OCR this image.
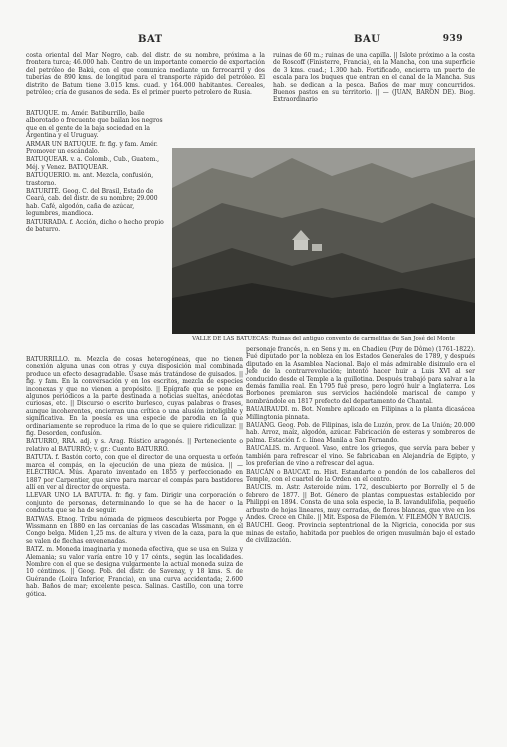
BAT	BAU	939

costa oriental del Mar Negro, cab. del distr. de su nombre, próxima a la frontera turca; 46.000 hab. Centro de un importante comercio de exportación del petróleo de Bakú, con el que comunica mediante un ferrocarril y dos tuberías de 890 kms. de longitud para el transporte rápido del petróleo. El distrito de Batum tiene 3.015 kms. cuad. y 164.000 habitantes. Cereales, petróleo; cría de gusanos de seda. Es el primer puerto petrolero de Rusia.

ruinas de 60 m.; ruinas de una capilla. || Islote próximo a la costa de Roscoff (Finisterre, Francia), en la Mancha, con una superficie de 3 kms. cuad.; 1.300 hab. Fortificado, encierra un puerto de escala para los buques que entran en el canal de la Mancha. Sus hab. se dedican a la pesca. Baños de mar muy concurridos. Buenos pastos en su territorio. || — (JUAN, BARÓN DE). Biog. Extraordinario

BATUQUE. m. Amér. Batiburrillo, baile alborotado o frecuente que bailan los negros que en el gente de la baja sociedad en la Argentina y el Uruguay.

ARMAR UN BATUQUE. fr. fig. y fam. Amér. Promover un escándalo.

BATUQUEAR. v. a. Colomb., Cub., Guatem., Méj. y Venez. BATIQUEAR.

BATUQUERIO. m. ant. Mezcla, confusión, trastorno.

BATURITÉ. Geog. C. del Brasil, Estado de Ceará, cab. del distr. de su nombre; 29.000 hab. Café, algodón, caña de azúcar, legumbres, mandioca.

BATURRADA. f. Acción, dicho o hecho propio de baturro.

VALLE DE LAS BATUECAS: Ruinas del antiguo convento de carmelitas de San José del Monte

BATURRILLO. m. Mezcla de cosas heterogéneas, que no tienen conexión alguna unas con otras y cuya disposición mal combinada produce un efecto desagradable. Úsase más tratándose de guisados. || fig. y fam. En la conversación y en los escritos, mezcla de especies inconexas y que no vienen a propósito. || Epígrafe que se pone en algunos periódicos a la parte destinada a noticias sueltas, anécdotas curiosas, etc. || Discurso o escrito burlesco, cuyas palabras o frases, aunque incoherentes, encierran una crítica o una alusión inteligible y significativa. En la poesía es una especie de parodia en la que ordinariamente se reproduce la rima de lo que se quiere ridiculizar. || fig. Desorden, confusión.

BATURRO, RRA. adj. y s. Arag. Rústico aragonés. || Perteneciente o relativo al BATURRO; v. gr.: Cuento BATURRO.

BATUTA. f. Bastón corto, con que el director de una orquesta u orfeón marca el compás, en la ejecución de una pieza de música. || — ELÉCTRICA. Mús. Aparato inventado en 1855 y perfeccionado en 1887 por Carpentier, que sirve para marcar el compás para bastidores allí en ver al director de orquesta.

LLEVAR UNO LA BATUTA. fr. fig. y fam. Dirigir una corporación o conjunto de personas, determinando lo que se ha de hacer o la conducta que se ha de seguir.

BATWAS. Etnog. Tribu nómada de pigmeos descubierta por Pogge y Wissmann en 1880 en las cercanías de las cascadas Wissmann, en el Congo belga. Miden 1,25 ms. de altura y viven de la caza, para la que se valen de flechas envenenadas.

BATZ. m. Moneda imaginaria y moneda efectiva, que se usa en Suiza y Alemania; su valor varía entre 10 y 17 cénts., según las localidades. Nombre con el que se designa vulgarmente la actual moneda suiza de 10 céntimos. || Geog. Pob. del distr. de Savenay, y 18 kms. S. de Guérande (Loira Inferior, Francia), en una curva accidentada; 2.600 hab. Baños de mar; excelente pesca. Salinas. Castillo, con una torre gótica.

personaje francés, n. en Sens y m. en Chadieu (Puy de Dôme) (1761-1822). Fué diputado por la nobleza en los Estados Generales de 1789, y después diputado en la Asamblea Nacional. Bajo el más admirable disimulo era el Jefe de la contrarrevolución; intentó hacer huir a Luis XVI al ser conducido desde el Temple a la guillotina. Después trabajó para salvar a la demás familia real. En 1795 fué preso, pero logró huir a Inglaterra. Los Borbones premiaron sus servicios haciéndole mariscal de campo y nombrándole en 1817 prefecto del departamento de Chantal.

BAUAIRAUDI. m. Bot. Nombre aplicado en Filipinas a la planta dicasácea Millingtonia pinnata.

BAUANG. Geog. Pob. de Filipinas, isla de Luzón, prov. de La Unión; 20.000 hab. Arroz, maíz, algodón, azúcar. Fabricación de esteras y sombreros de palma. Estación f. c. línea Manila a San Fernando.

BAUCALIS. m. Arqueol. Vaso, entre los griegos, que servía para beber y también para refrescar el vino. Se fabricaban en Alejandría de Egipto, y los preferían de vino a refrescar del agua.

BAUCÁN o BAUCAT. m. Hist. Estandarte o pendón de los caballeros del Temple, con el cuartel de la Orden en el centro.

BAUCIS. m. Astr. Asteroide núm. 172, descubierto por Borrelly el 5 de febrero de 1877. || Bot. Género de plantas compuestas establecido por Philippi en 1894. Consta de una sola especie, la B. lavandulifolia, pequeño arbusto de hojas lineares, muy cerradas, de flores blancas, que vive en los Andes. Crece en Chile. || Mit. Esposa de Filemón. V. FILEMÓN Y BAUCIS.

BAUCHI. Geog. Provincia septentrional de la Nigricia, conocida por sus minas de estaño, habitada por pueblos de origen musulmán bajo el estado de civilización.
